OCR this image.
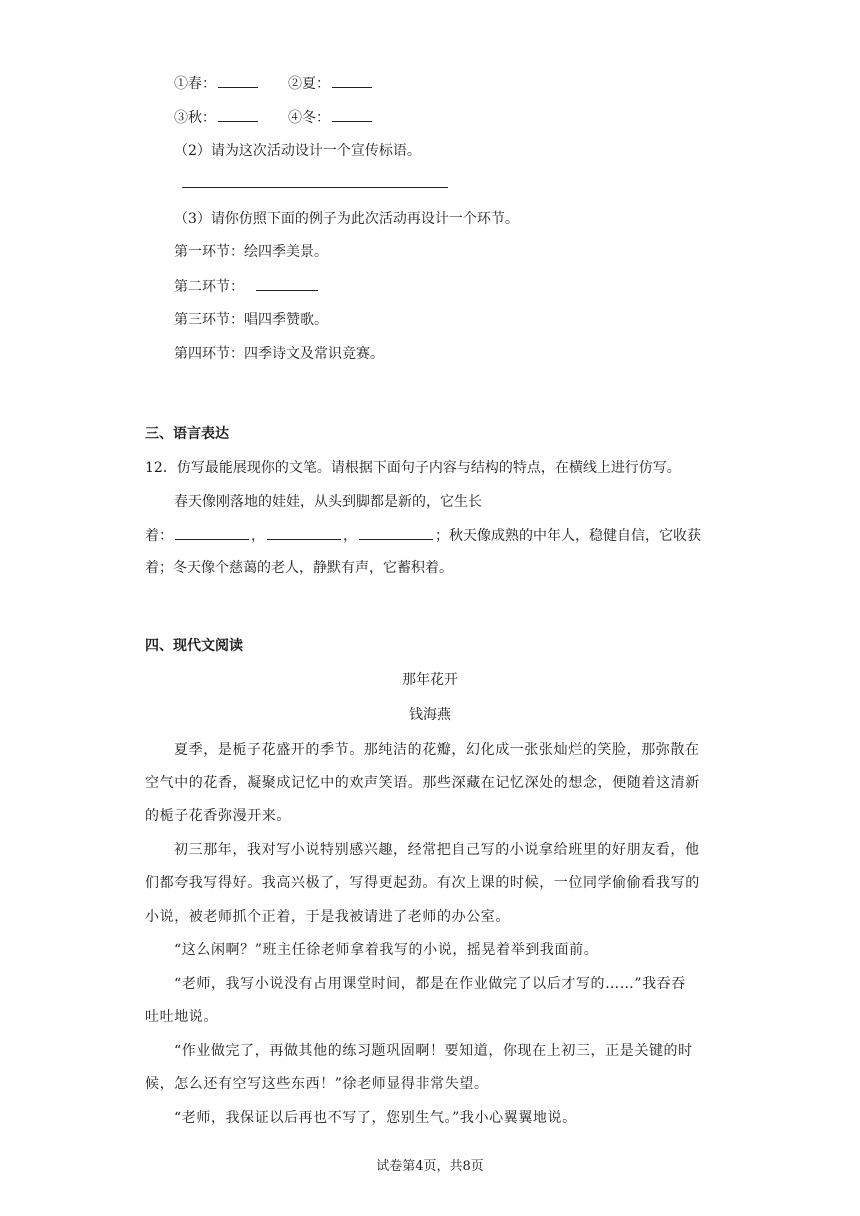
①春：	②夏：
③秋：	④冬：
（2）请为这次活动设计一个宣传标语。
（3）请你仿照下面的例子为此次活动再设计一个环节。
第一环节：绘四季美景。
第二环节：
第三环节：唱四季赞歌。
第四环节：四季诗文及常识竞赛。
三、语言表达
12．仿写最能展现你的文笔。请根据下面句子内容与结构的特点，在横线上进行仿写。
春天像刚落地的娃娃，从头到脚都是新的，它生长
着：	，	，	；秋天像成熟的中年人，稳健自信，它收获
着；冬天像个慈蔼的老人，静默有声，它蓄积着。
四、现代文阅读
那年花开
钱海燕
夏季，是栀子花盛开的季节。那纯洁的花瓣，幻化成一张张灿烂的笑脸，那弥散在
空气中的花香，凝聚成记忆中的欢声笑语。那些深藏在记忆深处的想念，便随着这清新
的栀子花香弥漫开来。
初三那年，我对写小说特别感兴趣，经常把自己写的小说拿给班里的好朋友看，他
们都夸我写得好。我高兴极了，写得更起劲。有次上课的时候，一位同学偷偷看我写的
小说，被老师抓个正着，于是我被请进了老师的办公室。
“这么闲啊？”班主任徐老师拿着我写的小说，摇晃着举到我面前。
“老师，我写小说没有占用课堂时间，都是在作业做完了以后才写的……”我吞吞
吐吐地说。
“作业做完了，再做其他的练习题巩固啊！要知道，你现在上初三，正是关键的时
候，怎么还有空写这些东西！”徐老师显得非常失望。
“老师，我保证以后再也不写了，您别生气。”我小心翼翼地说。
试卷第4页，共8页
